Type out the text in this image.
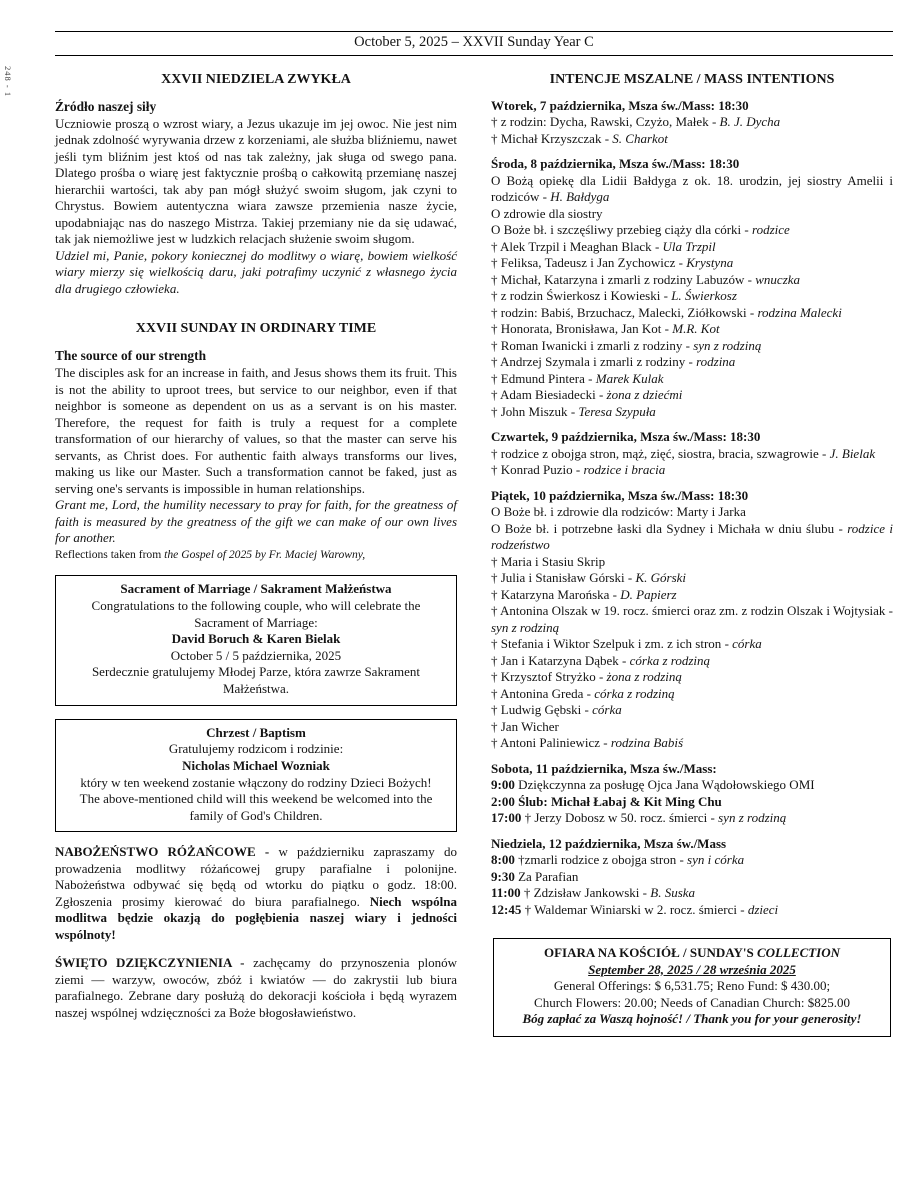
248 - 1
October 5, 2025 – XXVII Sunday Year C

XXVII NIEDZIELA ZWYKŁA

Źródło naszej siły

Uczniowie proszą o wzrost wiary, a Jezus ukazuje im jej owoc. Nie jest nim jednak zdolność wyrywania drzew z korzeniami, ale służba bliźniemu, nawet jeśli tym bliźnim jest ktoś od nas tak zależny, jak sługa od swego pana. Dlatego prośba o wiarę jest faktycznie prośbą o całkowitą przemianę naszej hierarchii wartości, tak aby pan mógł służyć swoim sługom, jak czyni to Chrystus. Bowiem autentyczna wiara zawsze przemienia nasze życie, upodabniając nas do naszego Mistrza. Takiej przemiany nie da się udawać, tak jak niemożliwe jest w ludzkich relacjach służenie swoim sługom.

Udziel mi, Panie, pokory koniecznej do modlitwy o wiarę, bowiem wielkość wiary mierzy się wielkością daru, jaki potrafimy uczynić z własnego życia dla drugiego człowieka.

XXVII SUNDAY IN ORDINARY TIME

The source of our strength

The disciples ask for an increase in faith, and Jesus shows them its fruit. This is not the ability to uproot trees, but service to our neighbor, even if that neighbor is someone as dependent on us as a servant is on his master. Therefore, the request for faith is truly a request for a complete transformation of our hierarchy of values, so that the master can serve his servants, as Christ does. For authentic faith always transforms our lives, making us like our Master. Such a transformation cannot be faked, just as serving one's servants is impossible in human relationships.

Grant me, Lord, the humility necessary to pray for faith, for the greatness of faith is measured by the greatness of the gift we can make of our own lives for another.

Reflections taken from the Gospel of 2025 by Fr. Maciej Warowny,

Sacrament of Marriage / Sakrament Małżeństwa

Congratulations to the following couple, who will celebrate the Sacrament of Marriage:

David Boruch & Karen Bielak

October 5 / 5 października, 2025

Serdecznie gratulujemy Młodej Parze, która zawrze Sakrament Małżeństwa.

Chrzest / Baptism

Gratulujemy rodzicom i rodzinie:

Nicholas Michael Wozniak

który w ten weekend zostanie włączony do rodziny Dzieci Bożych! The above-mentioned child will this weekend be welcomed into the family of God's Children.

NABOŻEŃSTWO RÓŻAŃCOWE - w październiku zapraszamy do prowadzenia modlitwy różańcowej grupy parafialne i polonijne. Nabożeństwa odbywać się będą od wtorku do piątku o godz. 18:00. Zgłoszenia prosimy kierować do biura parafialnego. Niech wspólna modlitwa będzie okazją do pogłębienia naszej wiary i jedności wspólnoty!

ŚWIĘTO DZIĘKCZYNIENIA - zachęcamy do przynoszenia plonów ziemi — warzyw, owoców, zbóż i kwiatów — do zakrystii lub biura parafialnego. Zebrane dary posłużą do dekoracji kościoła i będą wyrazem naszej wspólnej wdzięczności za Boże błogosławieństwo.

INTENCJE MSZALNE / MASS INTENTIONS

Wtorek, 7 października, Msza św./Mass: 18:30

† z rodzin: Dycha, Rawski, Czyżo, Małek - B. J. Dycha

† Michał Krzyszczak - S. Charkot

Środa, 8 października, Msza św./Mass: 18:30

O Bożą opiekę dla Lidii Bałdyga z ok. 18. urodzin, jej siostry Amelii i rodziców - H. Bałdyga

O zdrowie dla siostry

O Boże bł. i szczęśliwy przebieg ciąży dla córki - rodzice

† Alek Trzpil i Meaghan Black - Ula Trzpil

† Feliksa, Tadeusz i Jan Zychowicz - Krystyna

† Michał, Katarzyna i zmarli z rodziny Labuzów - wnuczka

† z rodzin Świerkosz i Kowieski - L. Świerkosz

† rodzin: Babiś, Brzuchacz, Malecki, Ziółkowski - rodzina Malecki

† Honorata, Bronisława, Jan Kot - M.R. Kot

† Roman Iwanicki i zmarli z rodziny - syn z rodziną

† Andrzej Szymala i zmarli z rodziny - rodzina

† Edmund Pintera - Marek Kulak

† Adam Biesiadecki - żona z dziećmi

† John Miszuk - Teresa Szypuła

Czwartek, 9 października, Msza św./Mass: 18:30

† rodzice z obojga stron, mąż, zięć, siostra, bracia, szwagrowie - J. Bielak

† Konrad Puzio - rodzice i bracia

Piątek, 10 października, Msza św./Mass: 18:30

O Boże bł. i zdrowie dla rodziców: Marty i Jarka

O Boże bł. i potrzebne łaski dla Sydney i Michała w dniu ślubu - rodzice i rodzeństwo

† Maria i Stasiu Skrip

† Julia i Stanisław Górski - K. Górski

† Katarzyna Marońska - D. Papierz

† Antonina Olszak w 19. rocz. śmierci oraz zm. z rodzin Olszak i Wojtysiak - syn z rodziną

† Stefania i Wiktor Szelpuk i zm. z ich stron - córka

† Jan i Katarzyna Dąbek - córka z rodziną

† Krzysztof Stryżko - żona z rodziną

† Antonina Greda - córka z rodziną

† Ludwig Gębski - córka

† Jan Wicher

† Antoni Paliniewicz - rodzina Babiś

Sobota, 11 października, Msza św./Mass:

9:00 Dziękczynna za posługę Ojca Jana Wądołowskiego OMI

2:00 Ślub: Michał Łabaj & Kit Ming Chu

17:00 † Jerzy Dobosz w 50. rocz. śmierci - syn z rodziną

Niedziela, 12 października, Msza św./Mass

8:00 †zmarli rodzice z obojga stron - syn i córka

9:30 Za Parafian

11:00 † Zdzisław Jankowski - B. Suska

12:45 † Waldemar Winiarski w 2. rocz. śmierci - dzieci

OFIARA NA KOŚCIÓŁ / SUNDAY'S COLLECTION

September 28, 2025 / 28 września 2025

General Offerings: $ 6,531.75; Reno Fund: $ 430.00;

Church Flowers: 20.00; Needs of Canadian Church: $825.00

Bóg zapłać za Waszą hojność! / Thank you for your generosity!
